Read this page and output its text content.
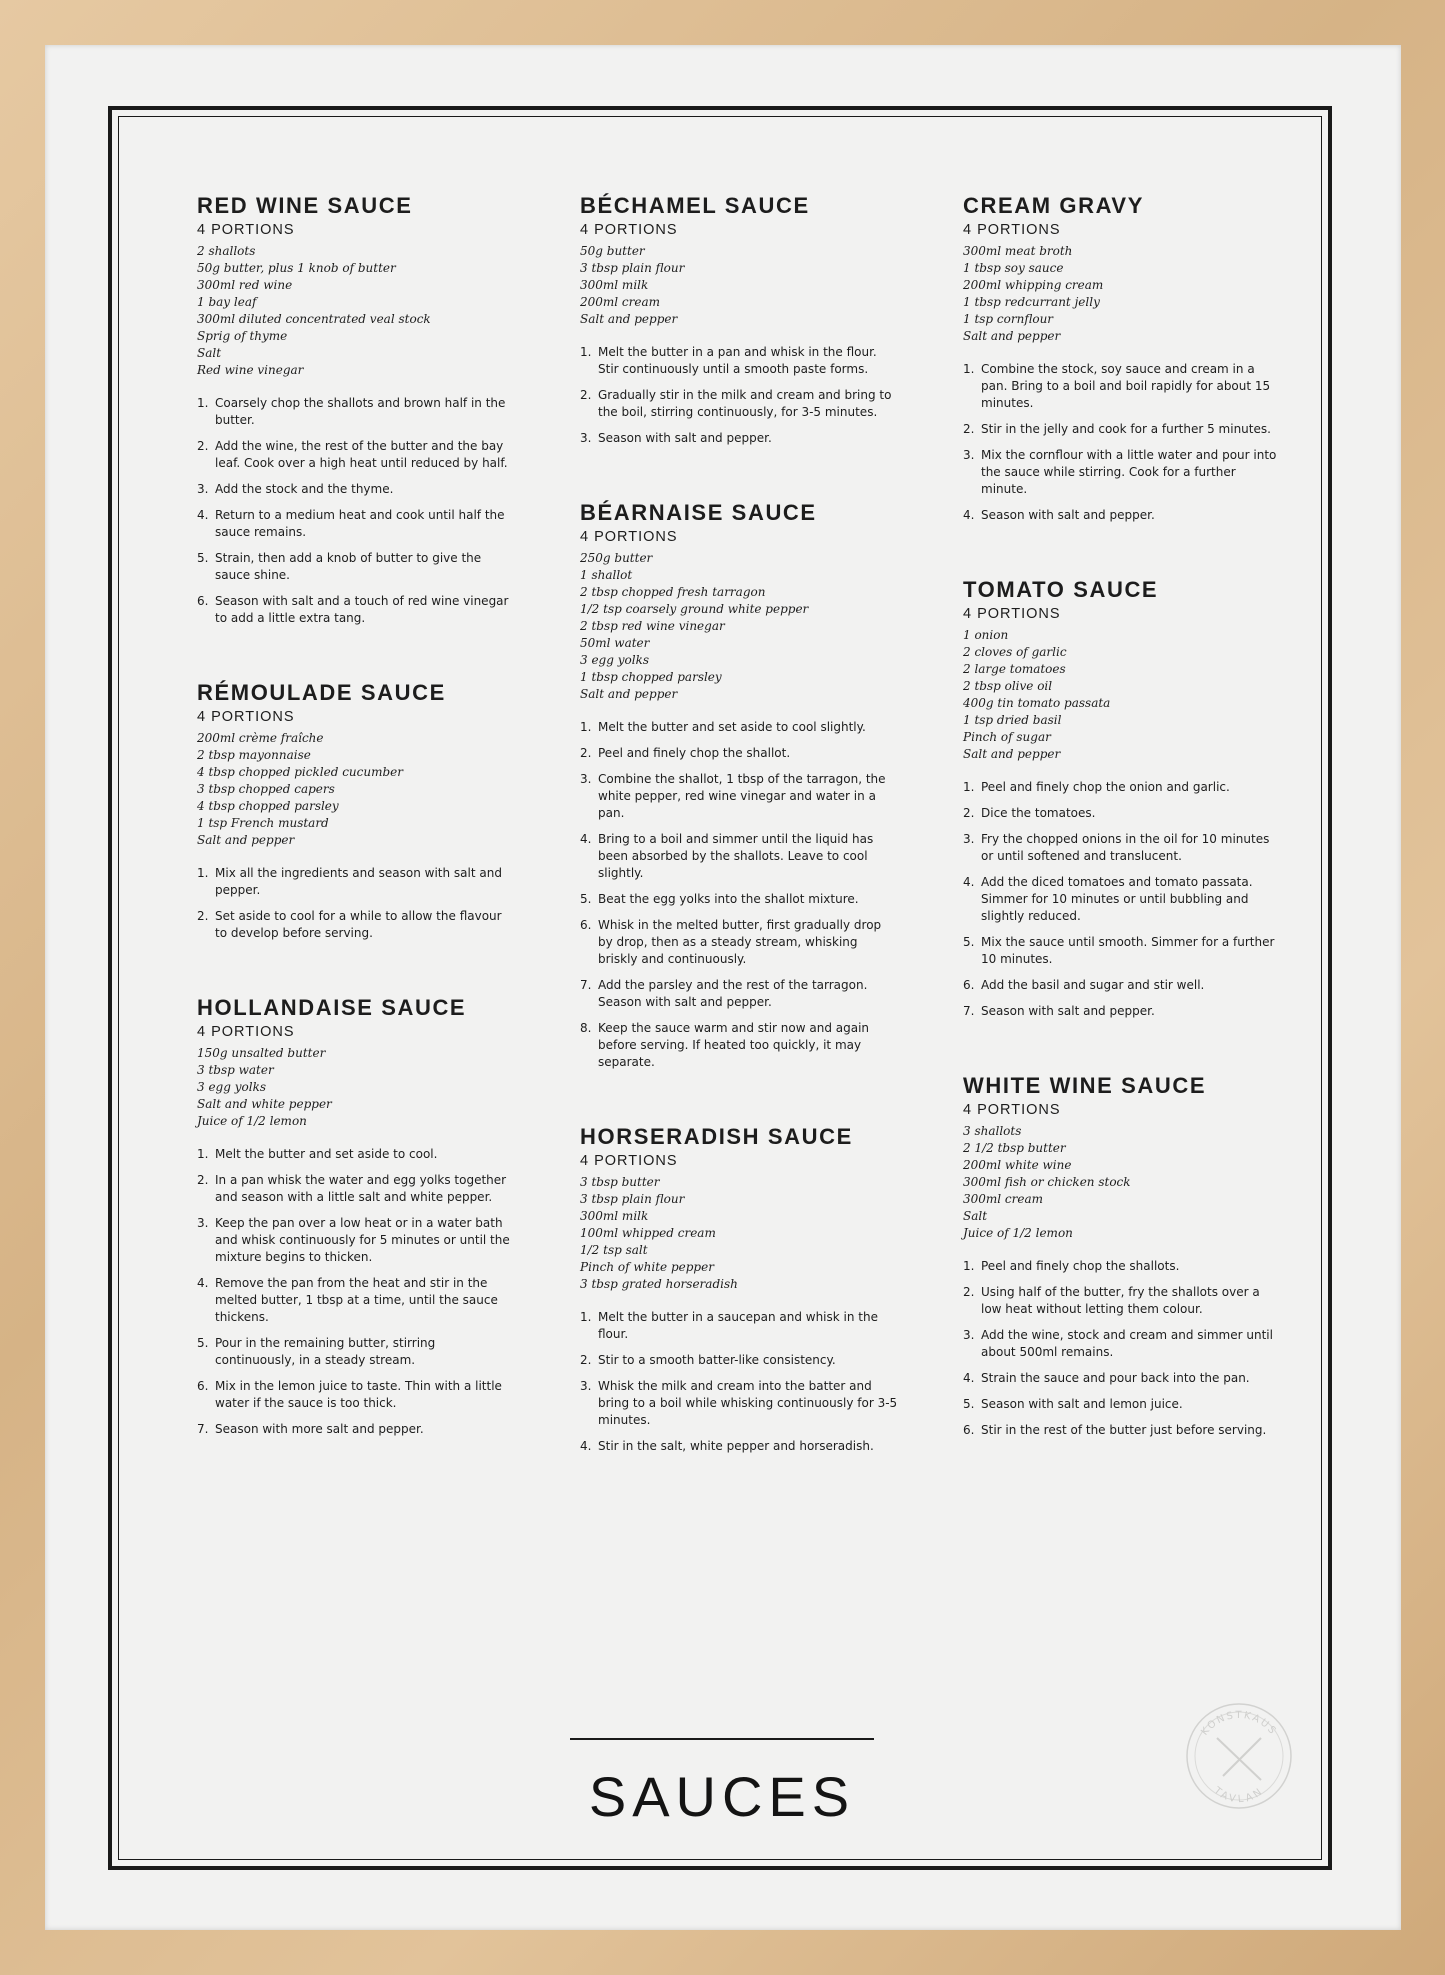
RED WINE SAUCE
4 PORTIONS
2 shallots
50g butter, plus 1 knob of butter
300ml red wine
1 bay leaf
300ml diluted concentrated veal stock
Sprig of thyme
Salt
Red wine vinegar
1. Coarsely chop the shallots and brown half in the butter.
2. Add the wine, the rest of the butter and the bay leaf. Cook over a high heat until reduced by half.
3. Add the stock and the thyme.
4. Return to a medium heat and cook until half the sauce remains.
5. Strain, then add a knob of butter to give the sauce shine.
6. Season with salt and a touch of red wine vinegar to add a little extra tang.
RÉMOULADE SAUCE
4 PORTIONS
200ml crème fraîche
2 tbsp mayonnaise
4 tbsp chopped pickled cucumber
3 tbsp chopped capers
4 tbsp chopped parsley
1 tsp French mustard
Salt and pepper
1. Mix all the ingredients and season with salt and pepper.
2. Set aside to cool for a while to allow the flavour to develop before serving.
HOLLANDAISE SAUCE
4 PORTIONS
150g unsalted butter
3 tbsp water
3 egg yolks
Salt and white pepper
Juice of 1/2 lemon
1. Melt the butter and set aside to cool.
2. In a pan whisk the water and egg yolks together and season with a little salt and white pepper.
3. Keep the pan over a low heat or in a water bath and whisk continuously for 5 minutes or until the mixture begins to thicken.
4. Remove the pan from the heat and stir in the melted butter, 1 tbsp at a time, until the sauce thickens.
5. Pour in the remaining butter, stirring continuously, in a steady stream.
6. Mix in the lemon juice to taste. Thin with a little water if the sauce is too thick.
7. Season with more salt and pepper.
BÉCHAMEL SAUCE
4 PORTIONS
50g butter
3 tbsp plain flour
300ml milk
200ml cream
Salt and pepper
1. Melt the butter in a pan and whisk in the flour. Stir continuously until a smooth paste forms.
2. Gradually stir in the milk and cream and bring to the boil, stirring continuously, for 3-5 minutes.
3. Season with salt and pepper.
BÉARNAISE SAUCE
4 PORTIONS
250g butter
1 shallot
2 tbsp chopped fresh tarragon
1/2 tsp coarsely ground white pepper
2 tbsp red wine vinegar
50ml water
3 egg yolks
1 tbsp chopped parsley
Salt and pepper
1. Melt the butter and set aside to cool slightly.
2. Peel and finely chop the shallot.
3. Combine the shallot, 1 tbsp of the tarragon, the white pepper, red wine vinegar and water in a pan.
4. Bring to a boil and simmer until the liquid has been absorbed by the shallots. Leave to cool slightly.
5. Beat the egg yolks into the shallot mixture.
6. Whisk in the melted butter, first gradually drop by drop, then as a steady stream, whisking briskly and continuously.
7. Add the parsley and the rest of the tarragon. Season with salt and pepper.
8. Keep the sauce warm and stir now and again before serving. If heated too quickly, it may separate.
HORSERADISH SAUCE
4 PORTIONS
3 tbsp butter
3 tbsp plain flour
300ml milk
100ml whipped cream
1/2 tsp salt
Pinch of white pepper
3 tbsp grated horseradish
1. Melt the butter in a saucepan and whisk in the flour.
2. Stir to a smooth batter-like consistency.
3. Whisk the milk and cream into the batter and bring to a boil while whisking continuously for 3-5 minutes.
4. Stir in the salt, white pepper and horseradish.
CREAM GRAVY
4 PORTIONS
300ml meat broth
1 tbsp soy sauce
200ml whipping cream
1 tbsp redcurrant jelly
1 tsp cornflour
Salt and pepper
1. Combine the stock, soy sauce and cream in a pan. Bring to a boil and boil rapidly for about 15 minutes.
2. Stir in the jelly and cook for a further 5 minutes.
3. Mix the cornflour with a little water and pour into the sauce while stirring. Cook for a further minute.
4. Season with salt and pepper.
TOMATO SAUCE
4 PORTIONS
1 onion
2 cloves of garlic
2 large tomatoes
2 tbsp olive oil
400g tin tomato passata
1 tsp dried basil
Pinch of sugar
Salt and pepper
1. Peel and finely chop the onion and garlic.
2. Dice the tomatoes.
3. Fry the chopped onions in the oil for 10 minutes or until softened and translucent.
4. Add the diced tomatoes and tomato passata. Simmer for 10 minutes or until bubbling and slightly reduced.
5. Mix the sauce until smooth. Simmer for a further 10 minutes.
6. Add the basil and sugar and stir well.
7. Season with salt and pepper.
WHITE WINE SAUCE
4 PORTIONS
3 shallots
2 1/2 tbsp butter
200ml white wine
300ml fish or chicken stock
300ml cream
Salt
Juice of 1/2 lemon
1. Peel and finely chop the shallots.
2. Using half of the butter, fry the shallots over a low heat without letting them colour.
3. Add the wine, stock and cream and simmer until about 500ml remains.
4. Strain the sauce and pour back into the pan.
5. Season with salt and lemon juice.
6. Stir in the rest of the butter just before serving.
SAUCES
KONSTKAUS
TAVLAN
